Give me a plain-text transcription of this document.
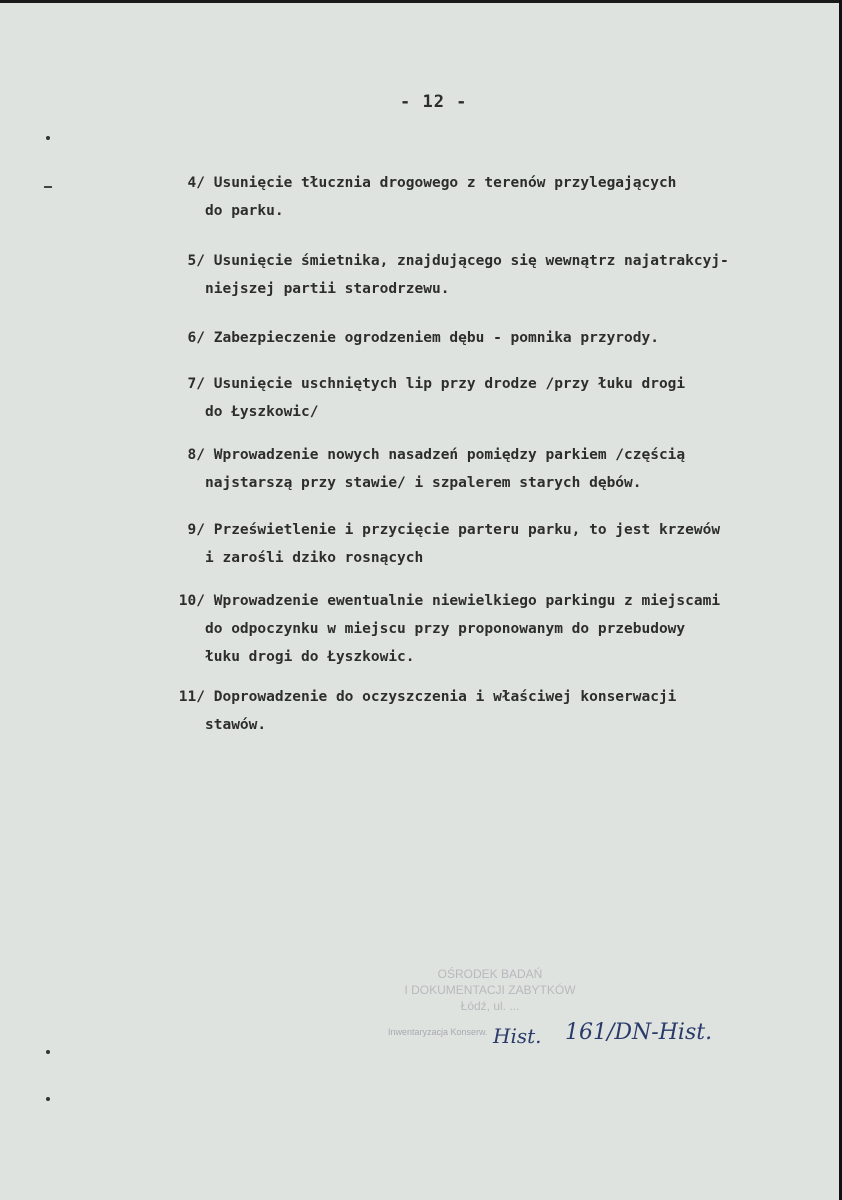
- 12 -
4/ Usunięcie tłucznia drogowego z terenów przylegających
do parku.
5/ Usunięcie śmietnika, znajdującego się wewnątrz najatrakcyj-
niejszej partii starodrzewu.
6/ Zabezpieczenie ogrodzeniem dębu - pomnika przyrody.
7/ Usunięcie uschniętych lip przy drodze /przy łuku drogi
do Łyszkowic/
8/ Wprowadzenie nowych nasadzeń pomiędzy parkiem /częścią
najstarszą przy stawie/ i szpalerem starych dębów.
9/ Prześwietlenie i przycięcie parteru parku, to jest krzewów
i zarośli dziko rosnących
10/ Wprowadzenie ewentualnie niewielkiego parkingu z miejscami
do odpoczynku w miejscu przy proponowanym do przebudowy
łuku drogi do Łyszkowic.
11/ Doprowadzenie do oczyszczenia i właściwej konserwacji
stawów.
OŚRODEK BADAŃ
I DOKUMENTACJI ZABYTKÓW
Łódź, ul. ...
Inwentaryzacja Konserw. Hist. 161/DN-Hist.
